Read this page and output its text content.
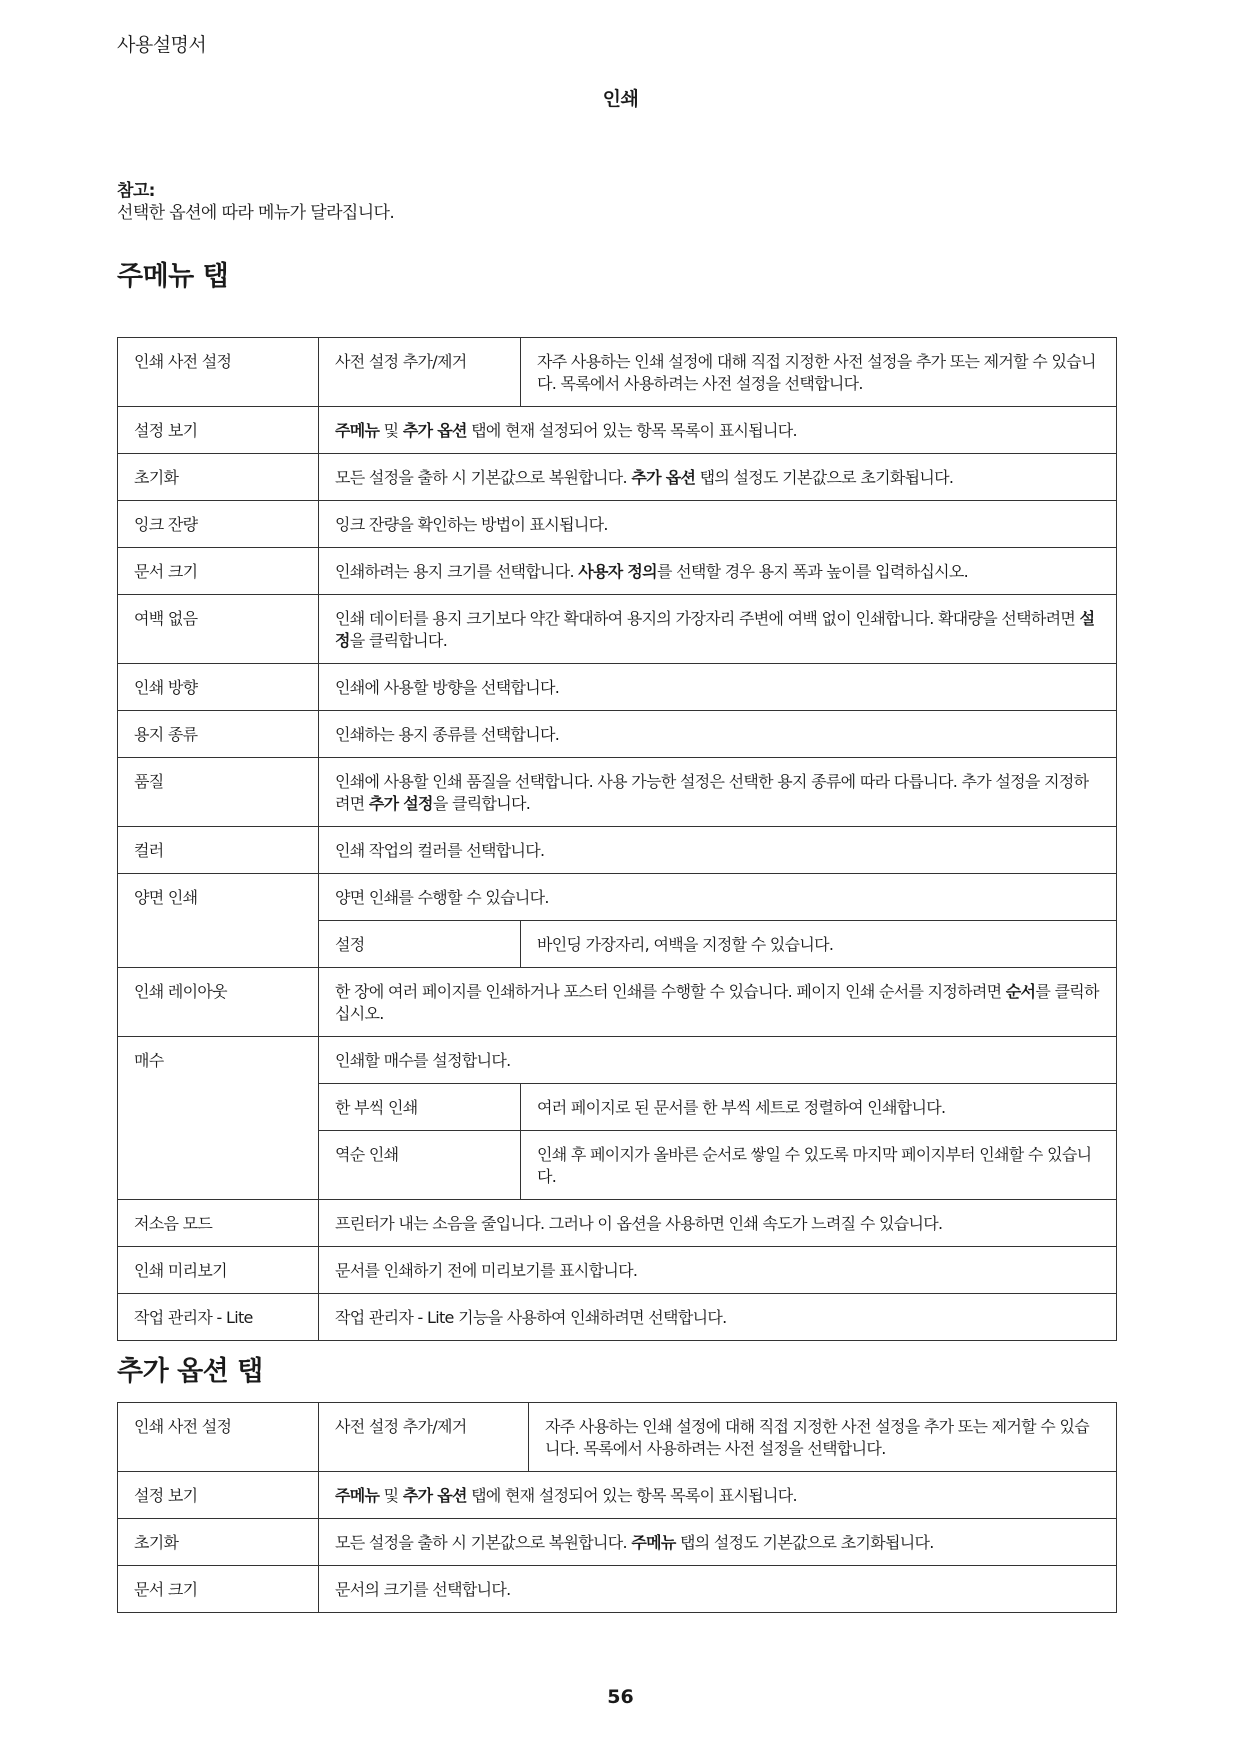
사용설명서
인쇄
참고:
선택한 옵션에 따라 메뉴가 달라집니다.
주메뉴 탭
인쇄 사전 설정	사전 설정 추가/제거	자주 사용하는 인쇄 설정에 대해 직접 지정한 사전 설정을 추가 또는 제거할 수 있습니다. 목록에서 사용하려는 사전 설정을 선택합니다.
설정 보기	주메뉴 및 추가 옵션 탭에 현재 설정되어 있는 항목 목록이 표시됩니다.	
초기화	모든 설정을 출하 시 기본값으로 복원합니다. 추가 옵션 탭의 설정도 기본값으로 초기화됩니다.	
잉크 잔량	잉크 잔량을 확인하는 방법이 표시됩니다.	
문서 크기	인쇄하려는 용지 크기를 선택합니다. 사용자 정의를 선택할 경우 용지 폭과 높이를 입력하십시오.	
여백 없음	인쇄 데이터를 용지 크기보다 약간 확대하여 용지의 가장자리 주변에 여백 없이 인쇄합니다. 확대량을 선택하려면 설정을 클릭합니다.	
인쇄 방향	인쇄에 사용할 방향을 선택합니다.	
용지 종류	인쇄하는 용지 종류를 선택합니다.	
품질	인쇄에 사용할 인쇄 품질을 선택합니다. 사용 가능한 설정은 선택한 용지 종류에 따라 다릅니다. 추가 설정을 지정하려면 추가 설정을 클릭합니다.	
컬러	인쇄 작업의 컬러를 선택합니다.	
양면 인쇄	양면 인쇄를 수행할 수 있습니다.	
	설정	바인딩 가장자리, 여백을 지정할 수 있습니다.
인쇄 레이아웃	한 장에 여러 페이지를 인쇄하거나 포스터 인쇄를 수행할 수 있습니다. 페이지 인쇄 순서를 지정하려면 순서를 클릭하십시오.	
매수	인쇄할 매수를 설정합니다.	
	한 부씩 인쇄	여러 페이지로 된 문서를 한 부씩 세트로 정렬하여 인쇄합니다.
	역순 인쇄	인쇄 후 페이지가 올바른 순서로 쌓일 수 있도록 마지막 페이지부터 인쇄할 수 있습니다.
저소음 모드	프린터가 내는 소음을 줄입니다. 그러나 이 옵션을 사용하면 인쇄 속도가 느려질 수 있습니다.	
인쇄 미리보기	문서를 인쇄하기 전에 미리보기를 표시합니다.	
작업 관리자 - Lite	작업 관리자 - Lite 기능을 사용하여 인쇄하려면 선택합니다.	
추가 옵션 탭
인쇄 사전 설정	사전 설정 추가/제거	자주 사용하는 인쇄 설정에 대해 직접 지정한 사전 설정을 추가 또는 제거할 수 있습니다. 목록에서 사용하려는 사전 설정을 선택합니다.
설정 보기	주메뉴 및 추가 옵션 탭에 현재 설정되어 있는 항목 목록이 표시됩니다.	
초기화	모든 설정을 출하 시 기본값으로 복원합니다. 주메뉴 탭의 설정도 기본값으로 초기화됩니다.	
문서 크기	문서의 크기를 선택합니다.	
56
